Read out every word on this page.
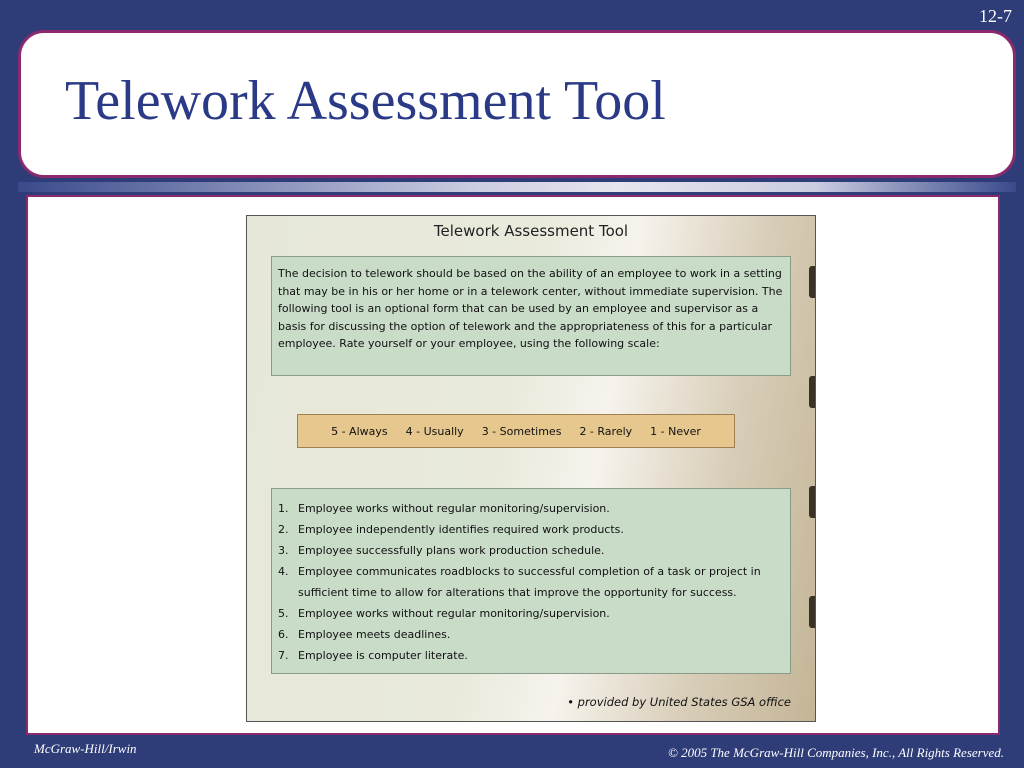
12-7
Telework Assessment Tool
Telework Assessment Tool
The decision to telework should be based on the ability of an employee to work in a setting that may be in his or her home or in a telework center, without immediate supervision. The following tool is an optional form that can be used by an employee and supervisor as a basis for discussing the option of telework and the appropriateness of this for a particular employee. Rate yourself or your employee, using the following scale:
5 - Always 4 - Usually 3 - Sometimes 2 - Rarely 1 - Never
1. Employee works without regular monitoring/supervision.
2. Employee independently identifies required work products.
3. Employee successfully plans work production schedule.
4. Employee communicates roadblocks to successful completion of a task or project in sufficient time to allow for alterations that improve the opportunity for success.
5. Employee works without regular monitoring/supervision.
6. Employee meets deadlines.
7. Employee is computer literate.
• provided by United States GSA office
McGraw-Hill/Irwin	© 2005 The McGraw-Hill Companies, Inc., All Rights Reserved.
